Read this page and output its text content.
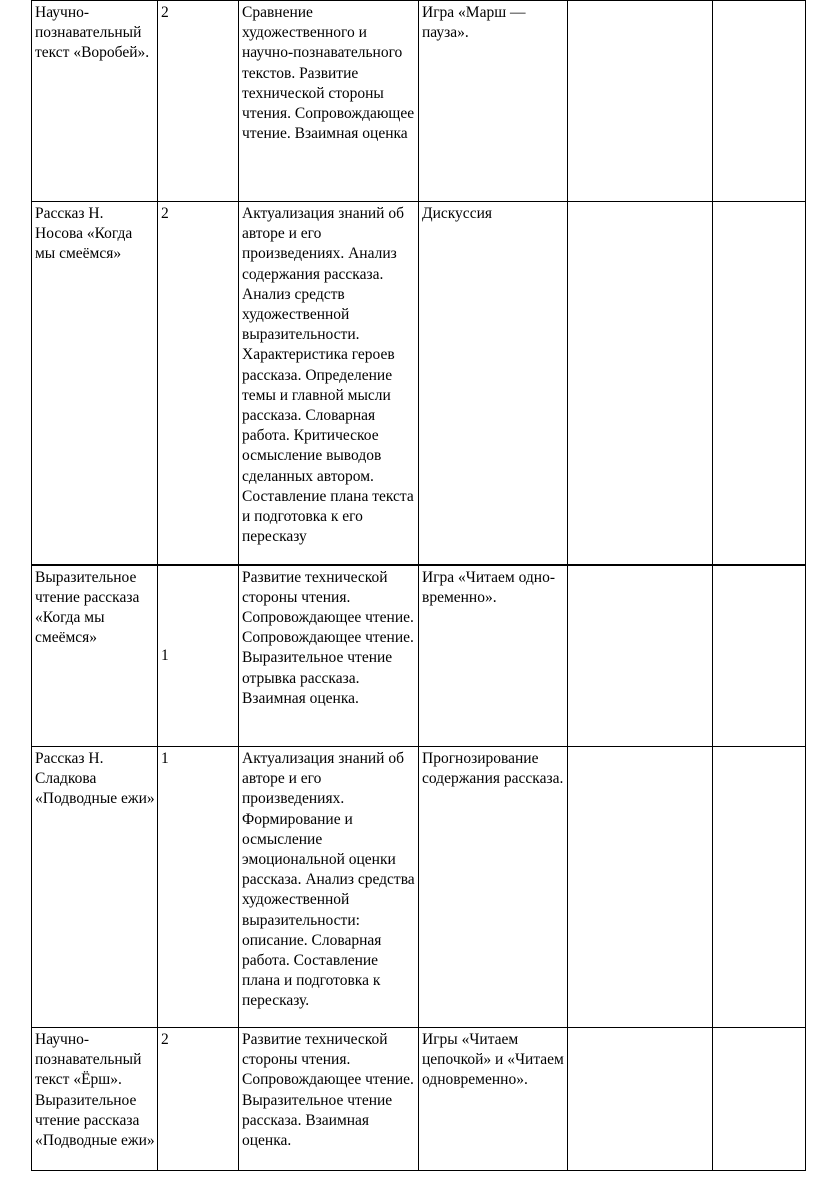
Научно-познавательный текст «Воробей».	2	Сравнение художественного и научно-познавательного текстов. Развитие технической стороны чтения. Сопровождающее чтение. Взаимная оценка	Игра «Марш — пауза».		

Рассказ Н. Носова «Когда мы смеёмся»	2	Актуализация знаний об авторе и его произведениях. Анализ содержания рассказа. Анализ средств художественной выразительности. Характеристика героев рассказа. Определение темы и главной мысли рассказа. Словарная работа. Критическое осмысление выводов сделанных автором. Составление плана текста и подготовка к его пересказу	Дискуссия		

Выразительное чтение рассказа «Когда мы смеёмся»	1	Развитие технической стороны чтения. Сопровождающее чтение. Сопровождающее чтение. Выразительное чтение отрывка рассказа. Взаимная оценка.	Игра «Читаем одно- временно».		

Рассказ Н. Сладкова «Подводные ежи»	1	Актуализация знаний об авторе и его произведениях. Формирование и осмысление эмоциональной оценки рассказа. Анализ средства художественной выразительности: описание. Словарная работа. Составление плана и подготовка к пересказу.	Прогнозирование содержания рассказа.		

Научно-познавательный текст «Ёрш». Выразительное чтение рассказа «Подводные ежи»	2	Развитие технической стороны чтения. Сопровождающее чтение. Выразительное чтение рассказа. Взаимная оценка.	Игры «Читаем цепочкой» и «Читаем одновременно».		
